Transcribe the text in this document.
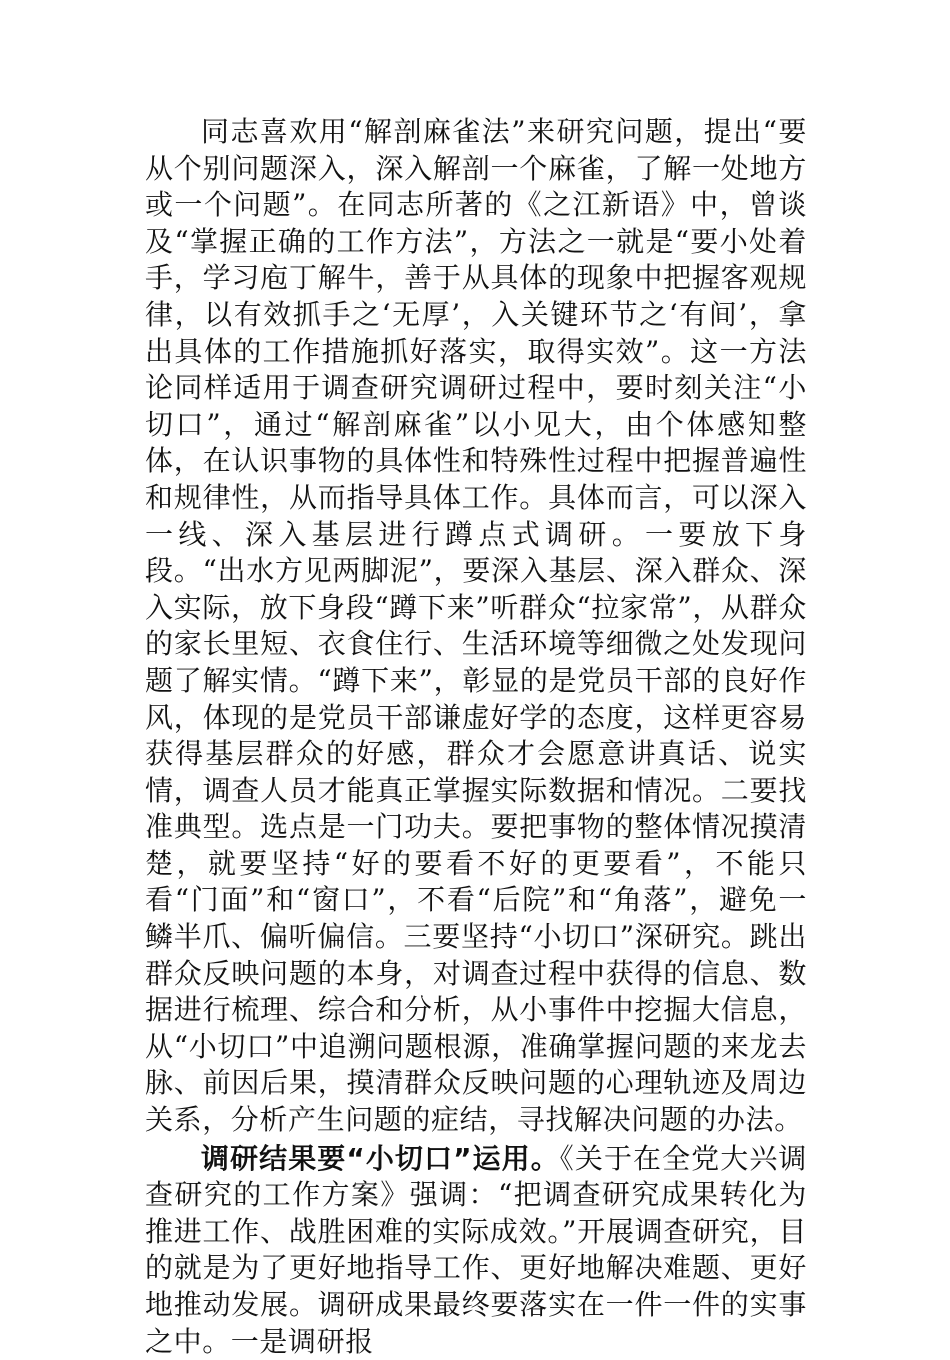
同志喜欢用“解剖麻雀法”来研究问题，提出“要从个别问题深入，深入解剖一个麻雀，了解一处地方或一个问题”。在同志所著的《之江新语》中，曾谈及“掌握正确的工作方法”，方法之一就是“要小处着手，学习庖丁解牛，善于从具体的现象中把握客观规律，以有效抓手之‘无厚’，入关键环节之‘有间’，拿出具体的工作措施抓好落实，取得实效”。这一方法论同样适用于调查研究调研过程中，要时刻关注“小切口”，通过“解剖麻雀”以小见大，由个体感知整体，在认识事物的具体性和特殊性过程中把握普遍性和规律性，从而指导具体工作。具体而言，可以深入一线、深入基层进行蹲点式调研。一要放下身段。“出水方见两脚泥”，要深入基层、深入群众、深入实际，放下身段“蹲下来”听群众“拉家常”，从群众的家长里短、衣食住行、生活环境等细微之处发现问题了解实情。“蹲下来”，彰显的是党员干部的良好作风，体现的是党员干部谦虚好学的态度，这样更容易获得基层群众的好感，群众才会愿意讲真话、说实情，调查人员才能真正掌握实际数据和情况。二要找准典型。选点是一门功夫。要把事物的整体情况摸清楚，就要坚持“好的要看不好的更要看”，不能只看“门面”和“窗口”，不看“后院”和“角落”，避免一鳞半爪、偏听偏信。三要坚持“小切口”深研究。跳出群众反映问题的本身，对调查过程中获得的信息、数据进行梳理、综合和分析，从小事件中挖掘大信息，从“小切口”中追溯问题根源，准确掌握问题的来龙去脉、前因后果，摸清群众反映问题的心理轨迹及周边关系，分析产生问题的症结，寻找解决问题的办法。

调研结果要“小切口”运用。《关于在全党大兴调查研究的工作方案》强调：“把调查研究成果转化为推进工作、战胜困难的实际成效。”开展调查研究，目的就是为了更好地指导工作、更好地解决难题、更好地推动发展。调研成果最终要落实在一件一件的实事之中。一是调研报
